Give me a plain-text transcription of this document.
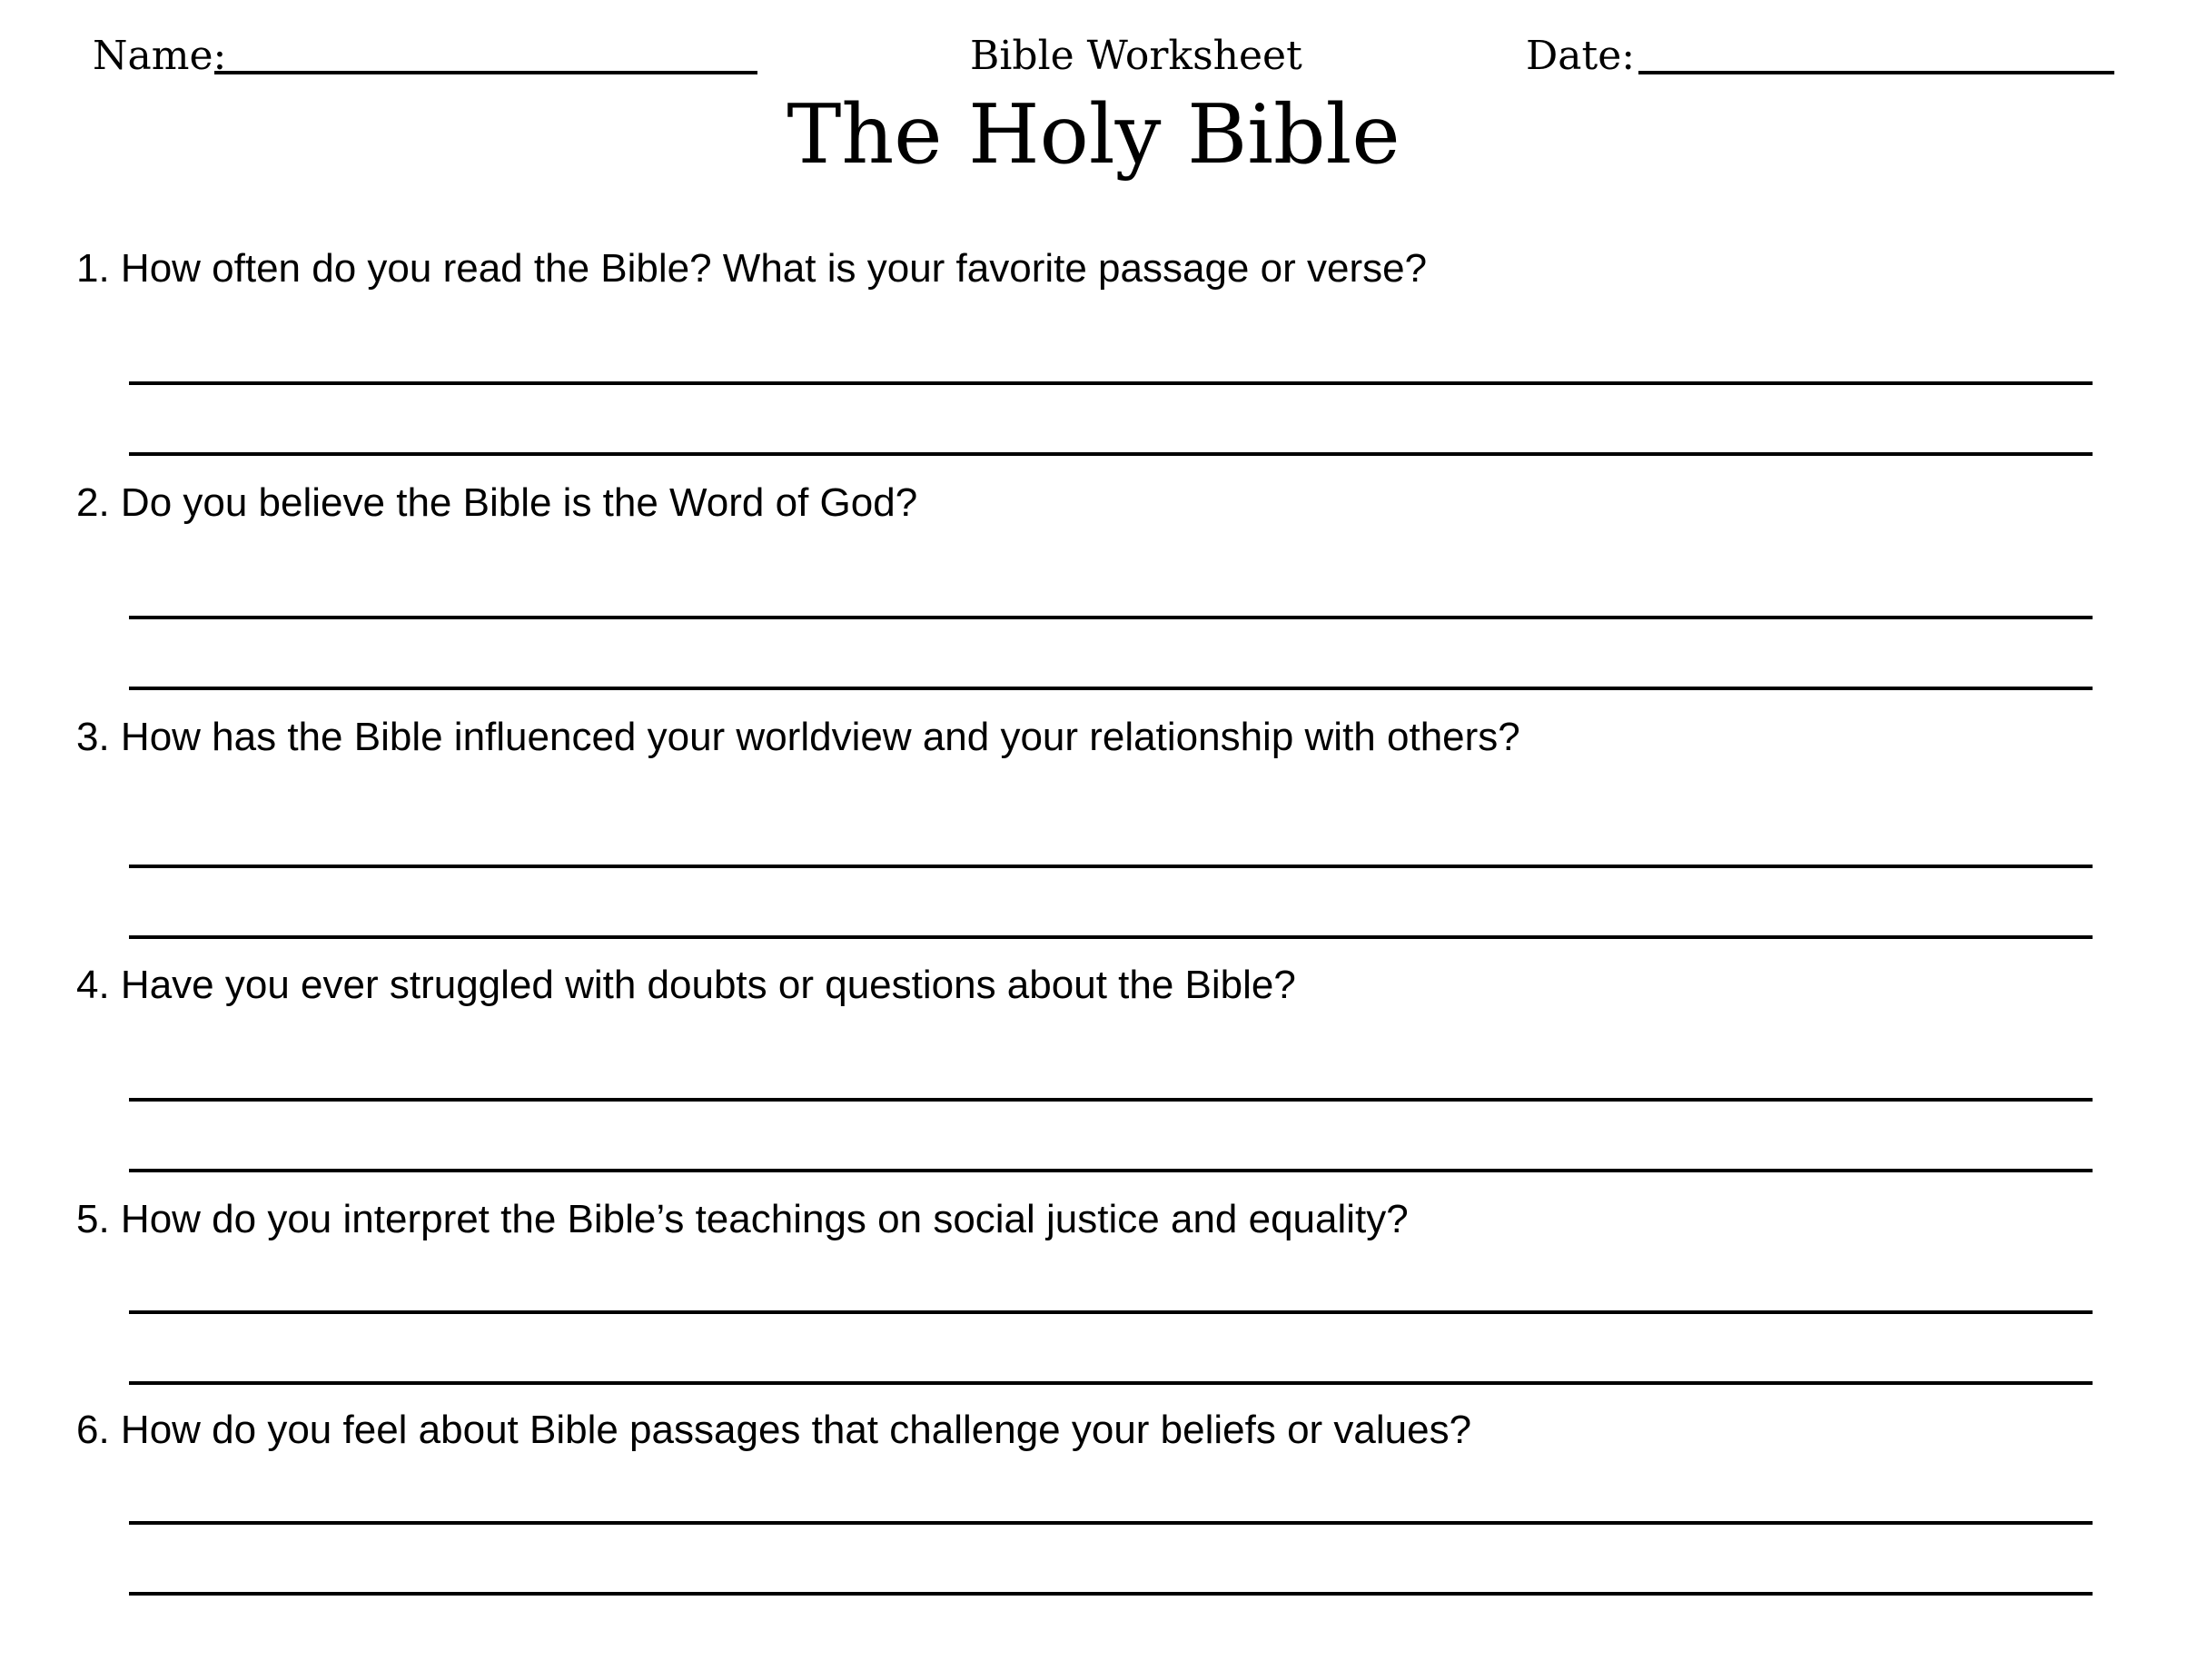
Name:	Bible Worksheet	Date:
The Holy Bible
1. How often do you read the Bible? What is your favorite passage or verse?
2. Do you believe the Bible is the Word of God?
3. How has the Bible influenced your worldview and your relationship with others?
4. Have you ever struggled with doubts or questions about the Bible?
5. How do you interpret the Bible’s teachings on social justice and equality?
6. How do you feel about Bible passages that challenge your beliefs or values?
